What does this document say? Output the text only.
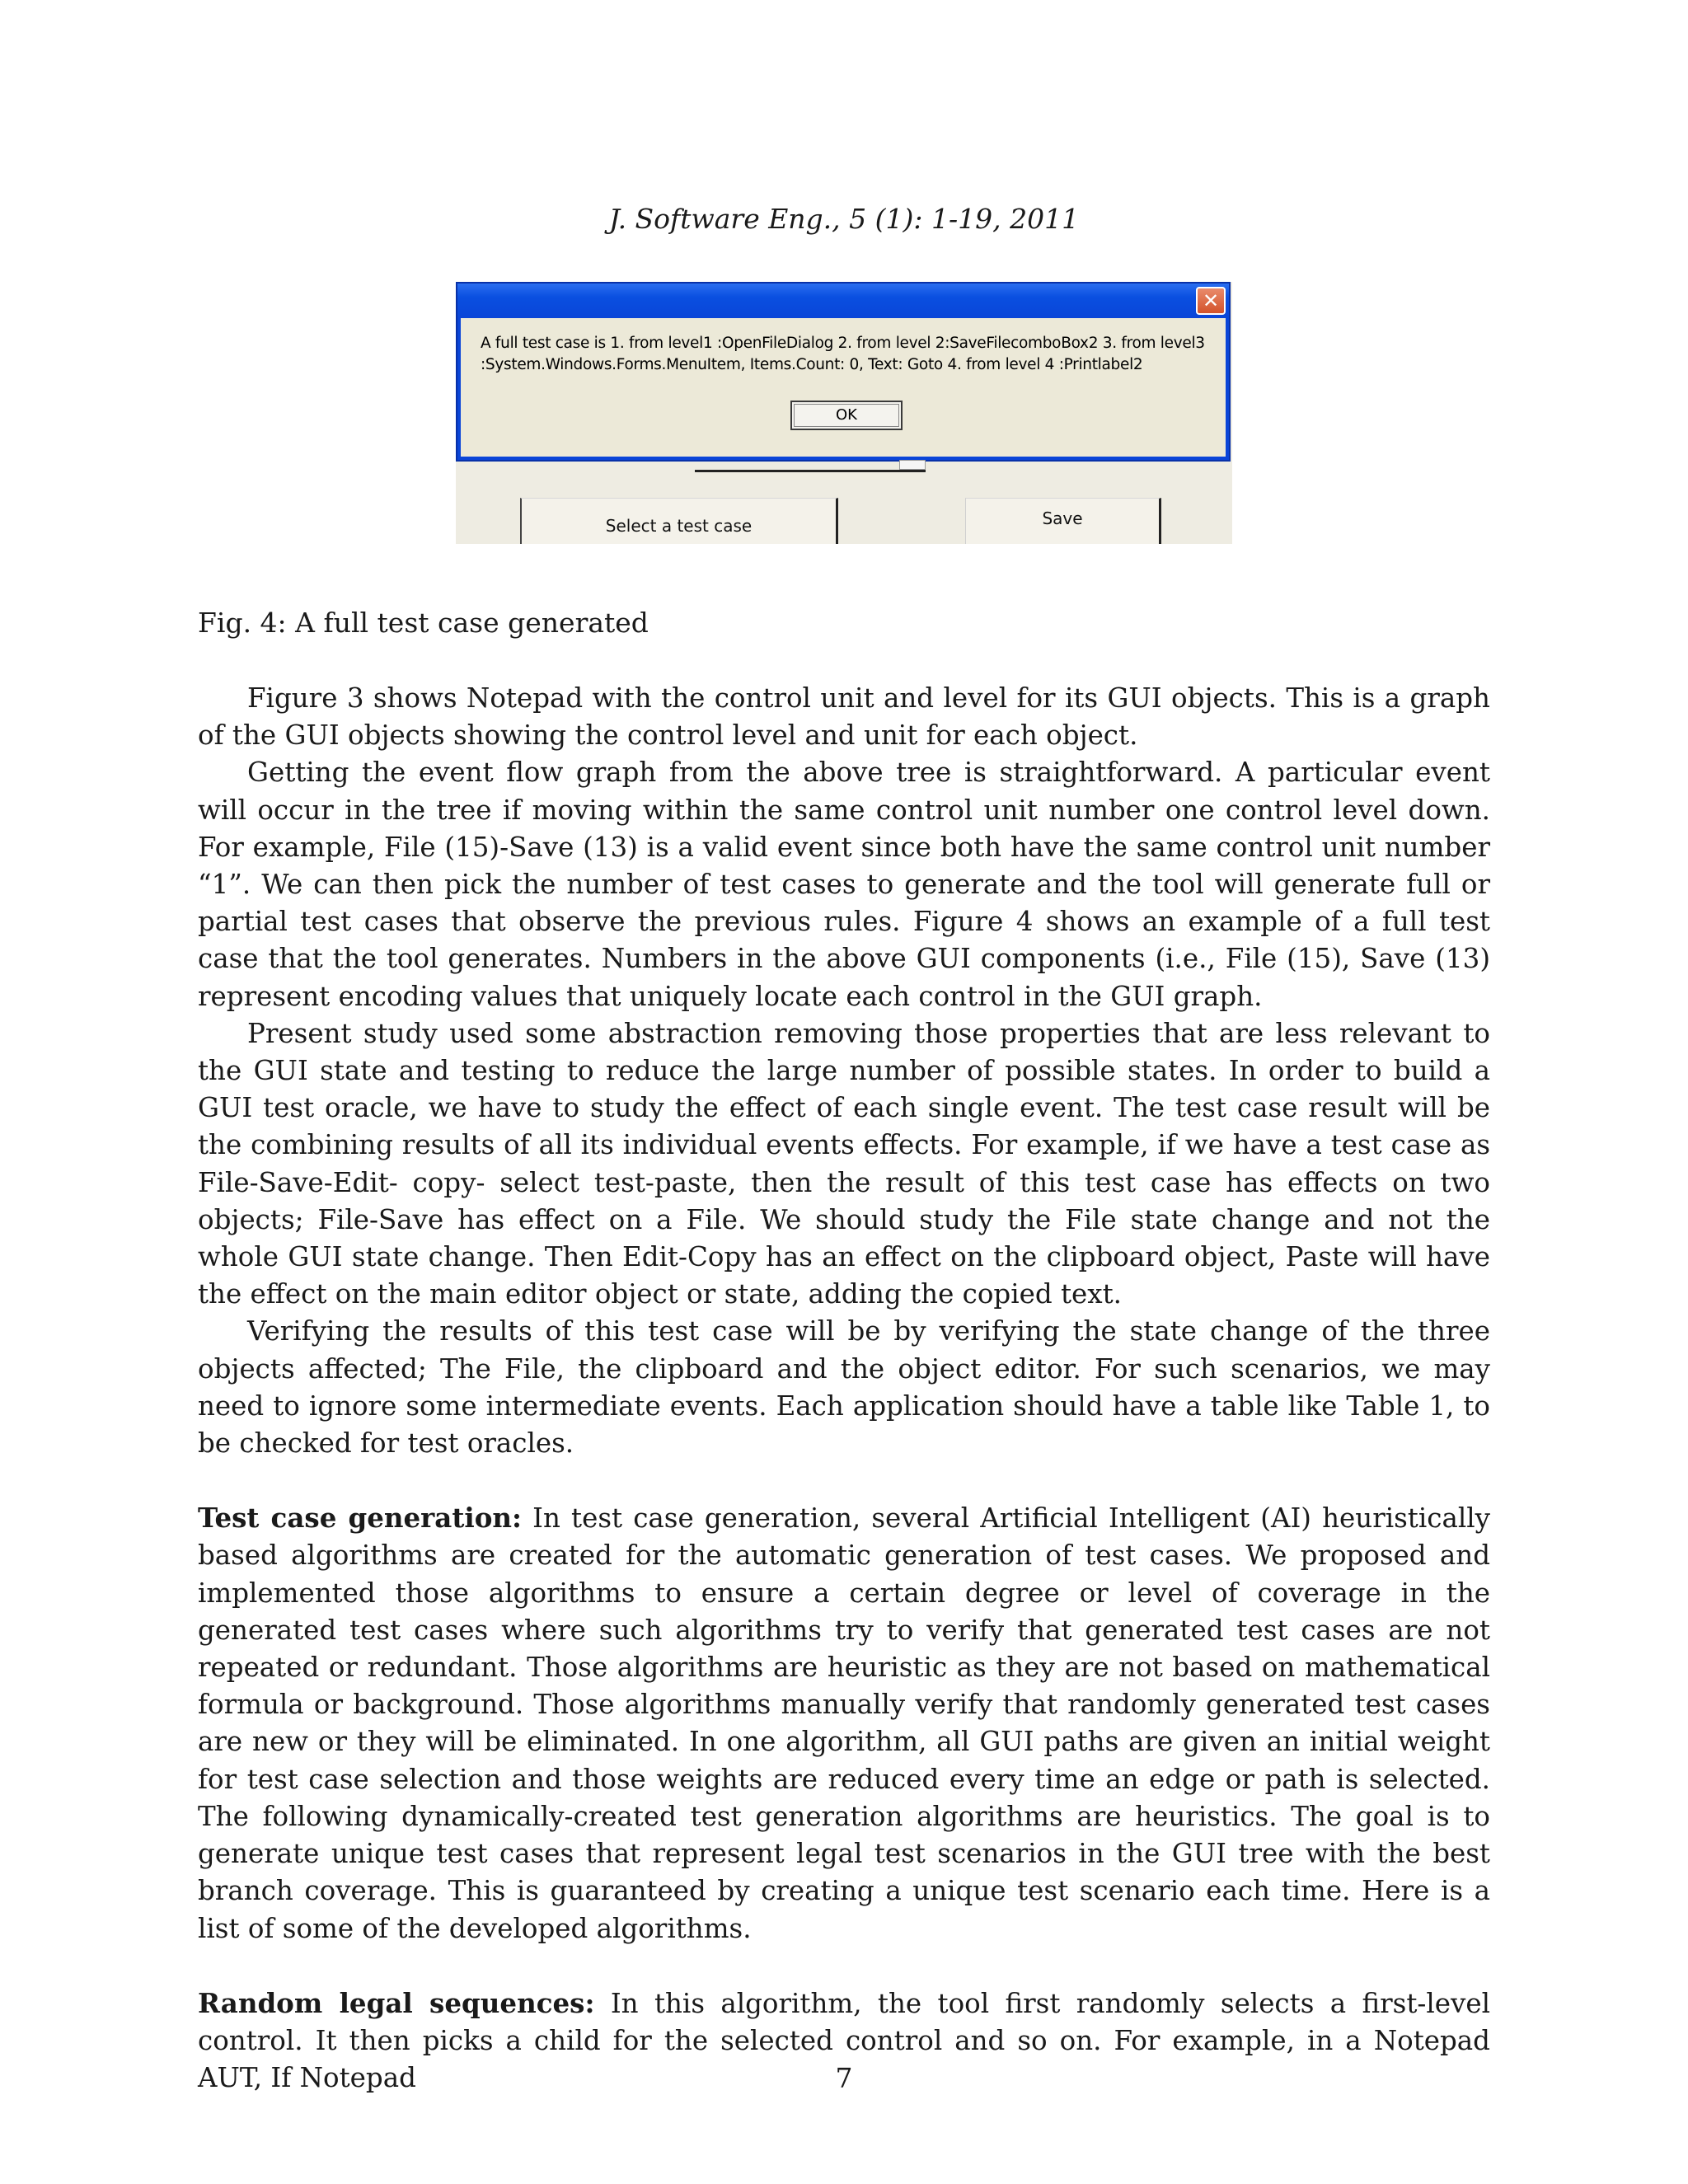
J. Software Eng., 5 (1): 1-19, 2011
✕
A full test case is 1. from level1 :OpenFileDialog 2. from level 2:SaveFilecomboBox2 3. from level3
:System.Windows.Forms.MenuItem, Items.Count: 0, Text: Goto 4. from level 4 :Printlabel2
OK
Select a test case	Save
Fig. 4: A full test case generated

Figure 3 shows Notepad with the control unit and level for its GUI objects. This is a graph of the GUI objects showing the control level and unit for each object.

Getting the event flow graph from the above tree is straightforward. A particular event will occur in the tree if moving within the same control unit number one control level down. For example, File (15)-Save (13) is a valid event since both have the same control unit number “1”. We can then pick the number of test cases to generate and the tool will generate full or partial test cases that observe the previous rules. Figure 4 shows an example of a full test case that the tool generates. Numbers in the above GUI components (i.e., File (15), Save (13) represent encoding values that uniquely locate each control in the GUI graph.

Present study used some abstraction removing those properties that are less relevant to the GUI state and testing to reduce the large number of possible states. In order to build a GUI test oracle, we have to study the effect of each single event. The test case result will be the combining results of all its individual events effects. For example, if we have a test case as File-Save-Edit- copy- select test-paste, then the result of this test case has effects on two objects; File-Save has effect on a File. We should study the File state change and not the whole GUI state change. Then Edit-Copy has an effect on the clipboard object, Paste will have the effect on the main editor object or state, adding the copied text.

Verifying the results of this test case will be by verifying the state change of the three objects affected; The File, the clipboard and the object editor. For such scenarios, we may need to ignore some intermediate events. Each application should have a table like Table 1, to be checked for test oracles.

Test case generation: In test case generation, several Artificial Intelligent (AI) heuristically based algorithms are created for the automatic generation of test cases. We proposed and implemented those algorithms to ensure a certain degree or level of coverage in the generated test cases where such algorithms try to verify that generated test cases are not repeated or redundant. Those algorithms are heuristic as they are not based on mathematical formula or background. Those algorithms manually verify that randomly generated test cases are new or they will be eliminated. In one algorithm, all GUI paths are given an initial weight for test case selection and those weights are reduced every time an edge or path is selected. The following dynamically-created test generation algorithms are heuristics. The goal is to generate unique test cases that represent legal test scenarios in the GUI tree with the best branch coverage. This is guaranteed by creating a unique test scenario each time. Here is a list of some of the developed algorithms.

Random legal sequences: In this algorithm, the tool first randomly selects a first-level control. It then picks a child for the selected control and so on. For example, in a Notepad AUT, If Notepad	7
